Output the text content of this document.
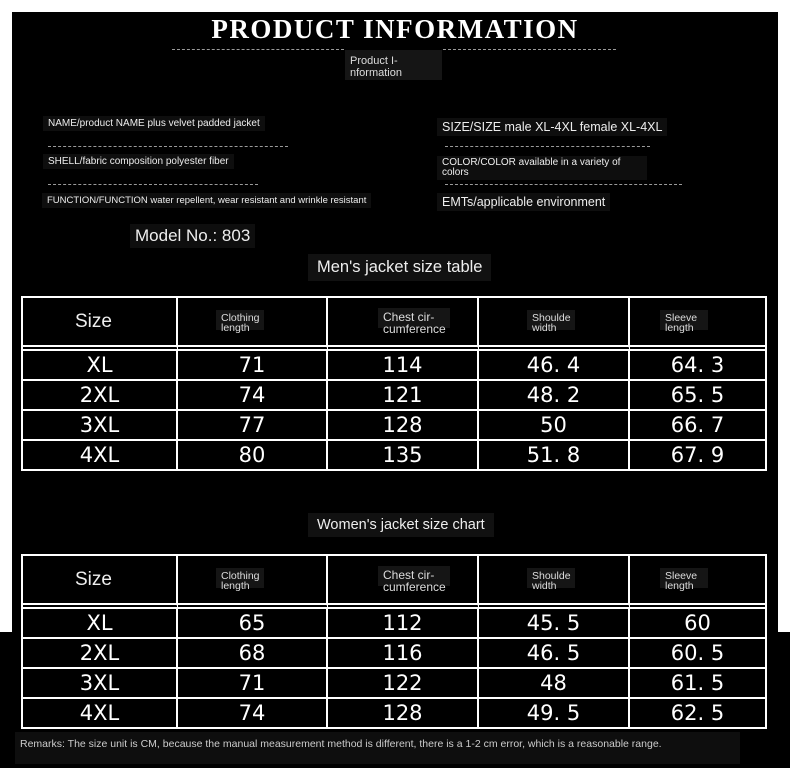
PRODUCT INFORMATION
Product I- nformation
NAME/product NAME plus velvet padded jacket
SHELL/fabric composition polyester fiber
FUNCTION/FUNCTION water repellent, wear resistant and wrinkle resistant
Model No.: 803
SIZE/SIZE male XL-4XL female XL-4XL
COLOR/COLOR available in a variety of colors
EMTs/applicable environment
Men's jacket size table
Size	Clothing length	Chest cir- cumference	Shoulde width	Sleeve length
XL	71	114	46. 4	64. 3
2XL	74	121	48. 2	65. 5
3XL	77	128	50	66. 7
4XL	80	135	51. 8	67. 9
Women's jacket size chart
Size	Clothing length	Chest cir- cumference	Shoulde width	Sleeve length
XL	65	112	45. 5	60
2XL	68	116	46. 5	60. 5
3XL	71	122	48	61. 5
4XL	74	128	49. 5	62. 5
Remarks: The size unit is CM, because the manual measurement method is different, there is a 1-2 cm error, which is a reasonable range.
